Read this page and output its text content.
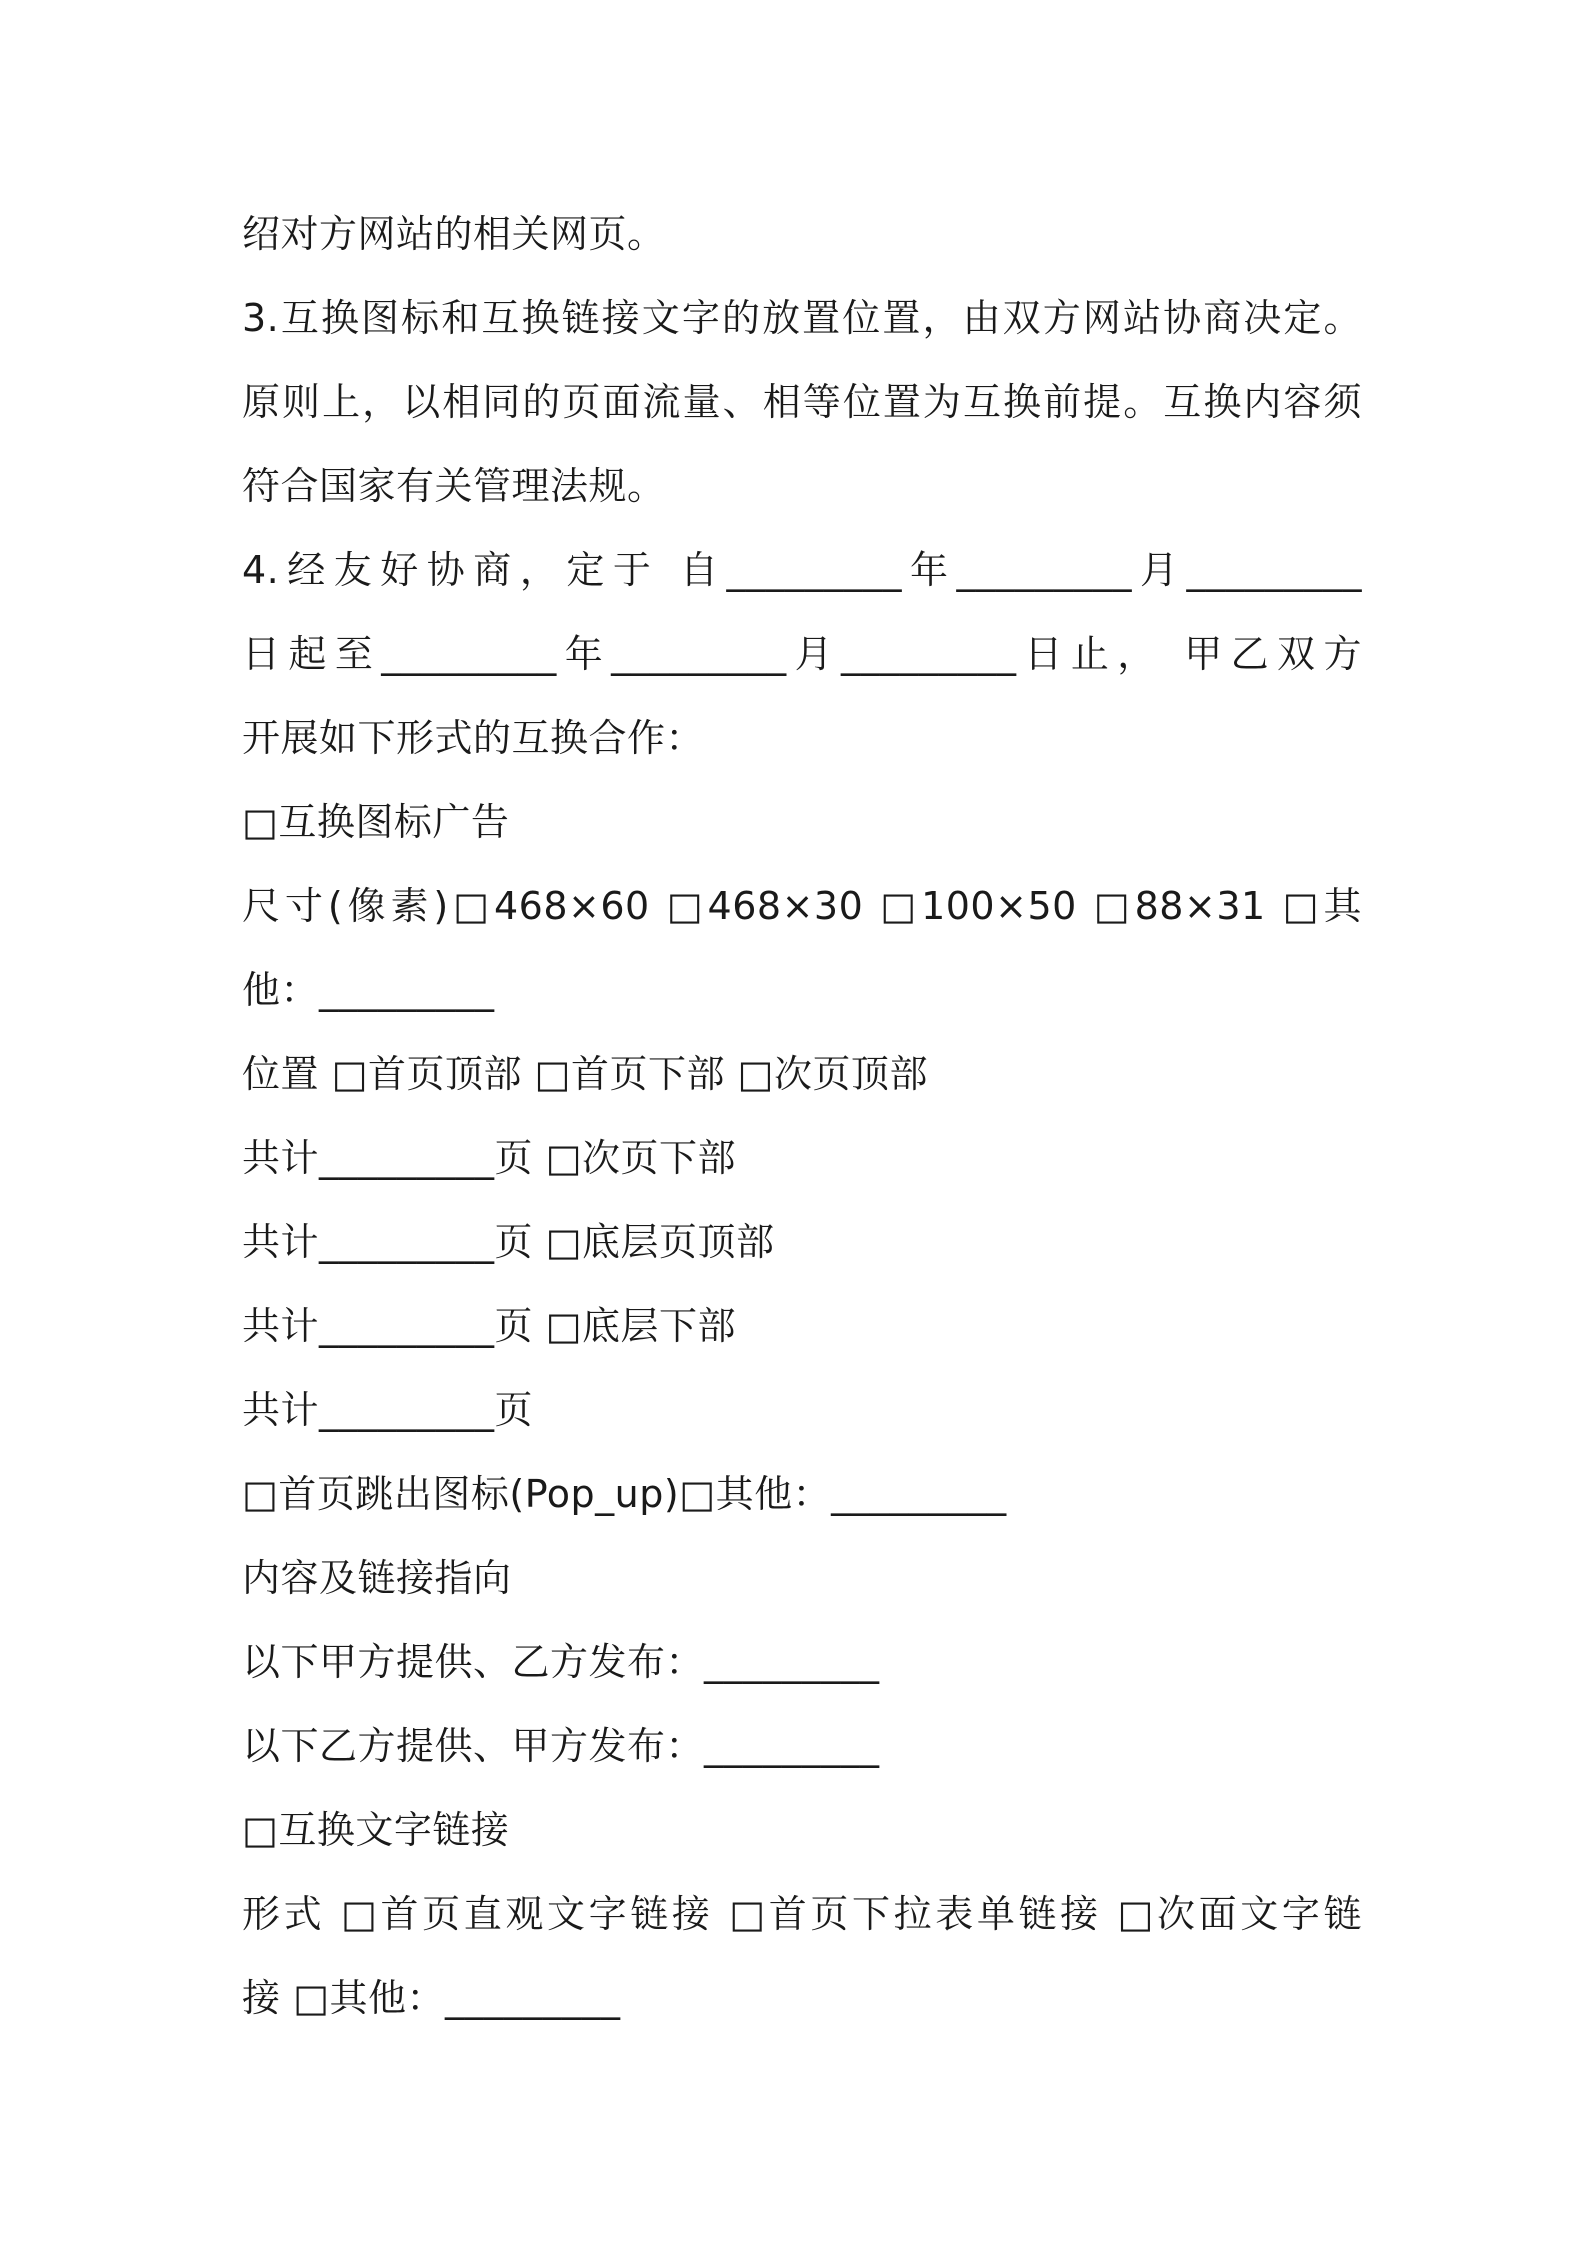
绍对方网站的相关网页。
3.互换图标和互换链接文字的放置位置，由双方网站协商决定。
原则上，以相同的页面流量、相等位置为互换前提。互换内容须
符合国家有关管理法规。
4.经友好协商，定于 自_________年_________月_________
日起至_________年_________月_________日止， 甲乙双方
开展如下形式的互换合作：
□互换图标广告
尺寸(像素)□468×60 □468×30 □100×50 □88×31 □其
他：_________
位置 □首页顶部 □首页下部 □次页顶部
共计_________页 □次页下部
共计_________页 □底层页顶部
共计_________页 □底层下部
共计_________页
□首页跳出图标(Pop_up)□其他：_________
内容及链接指向
以下甲方提供、乙方发布：_________
以下乙方提供、甲方发布：_________
□互换文字链接
形式 □首页直观文字链接 □首页下拉表单链接 □次面文字链
接 □其他：_________
